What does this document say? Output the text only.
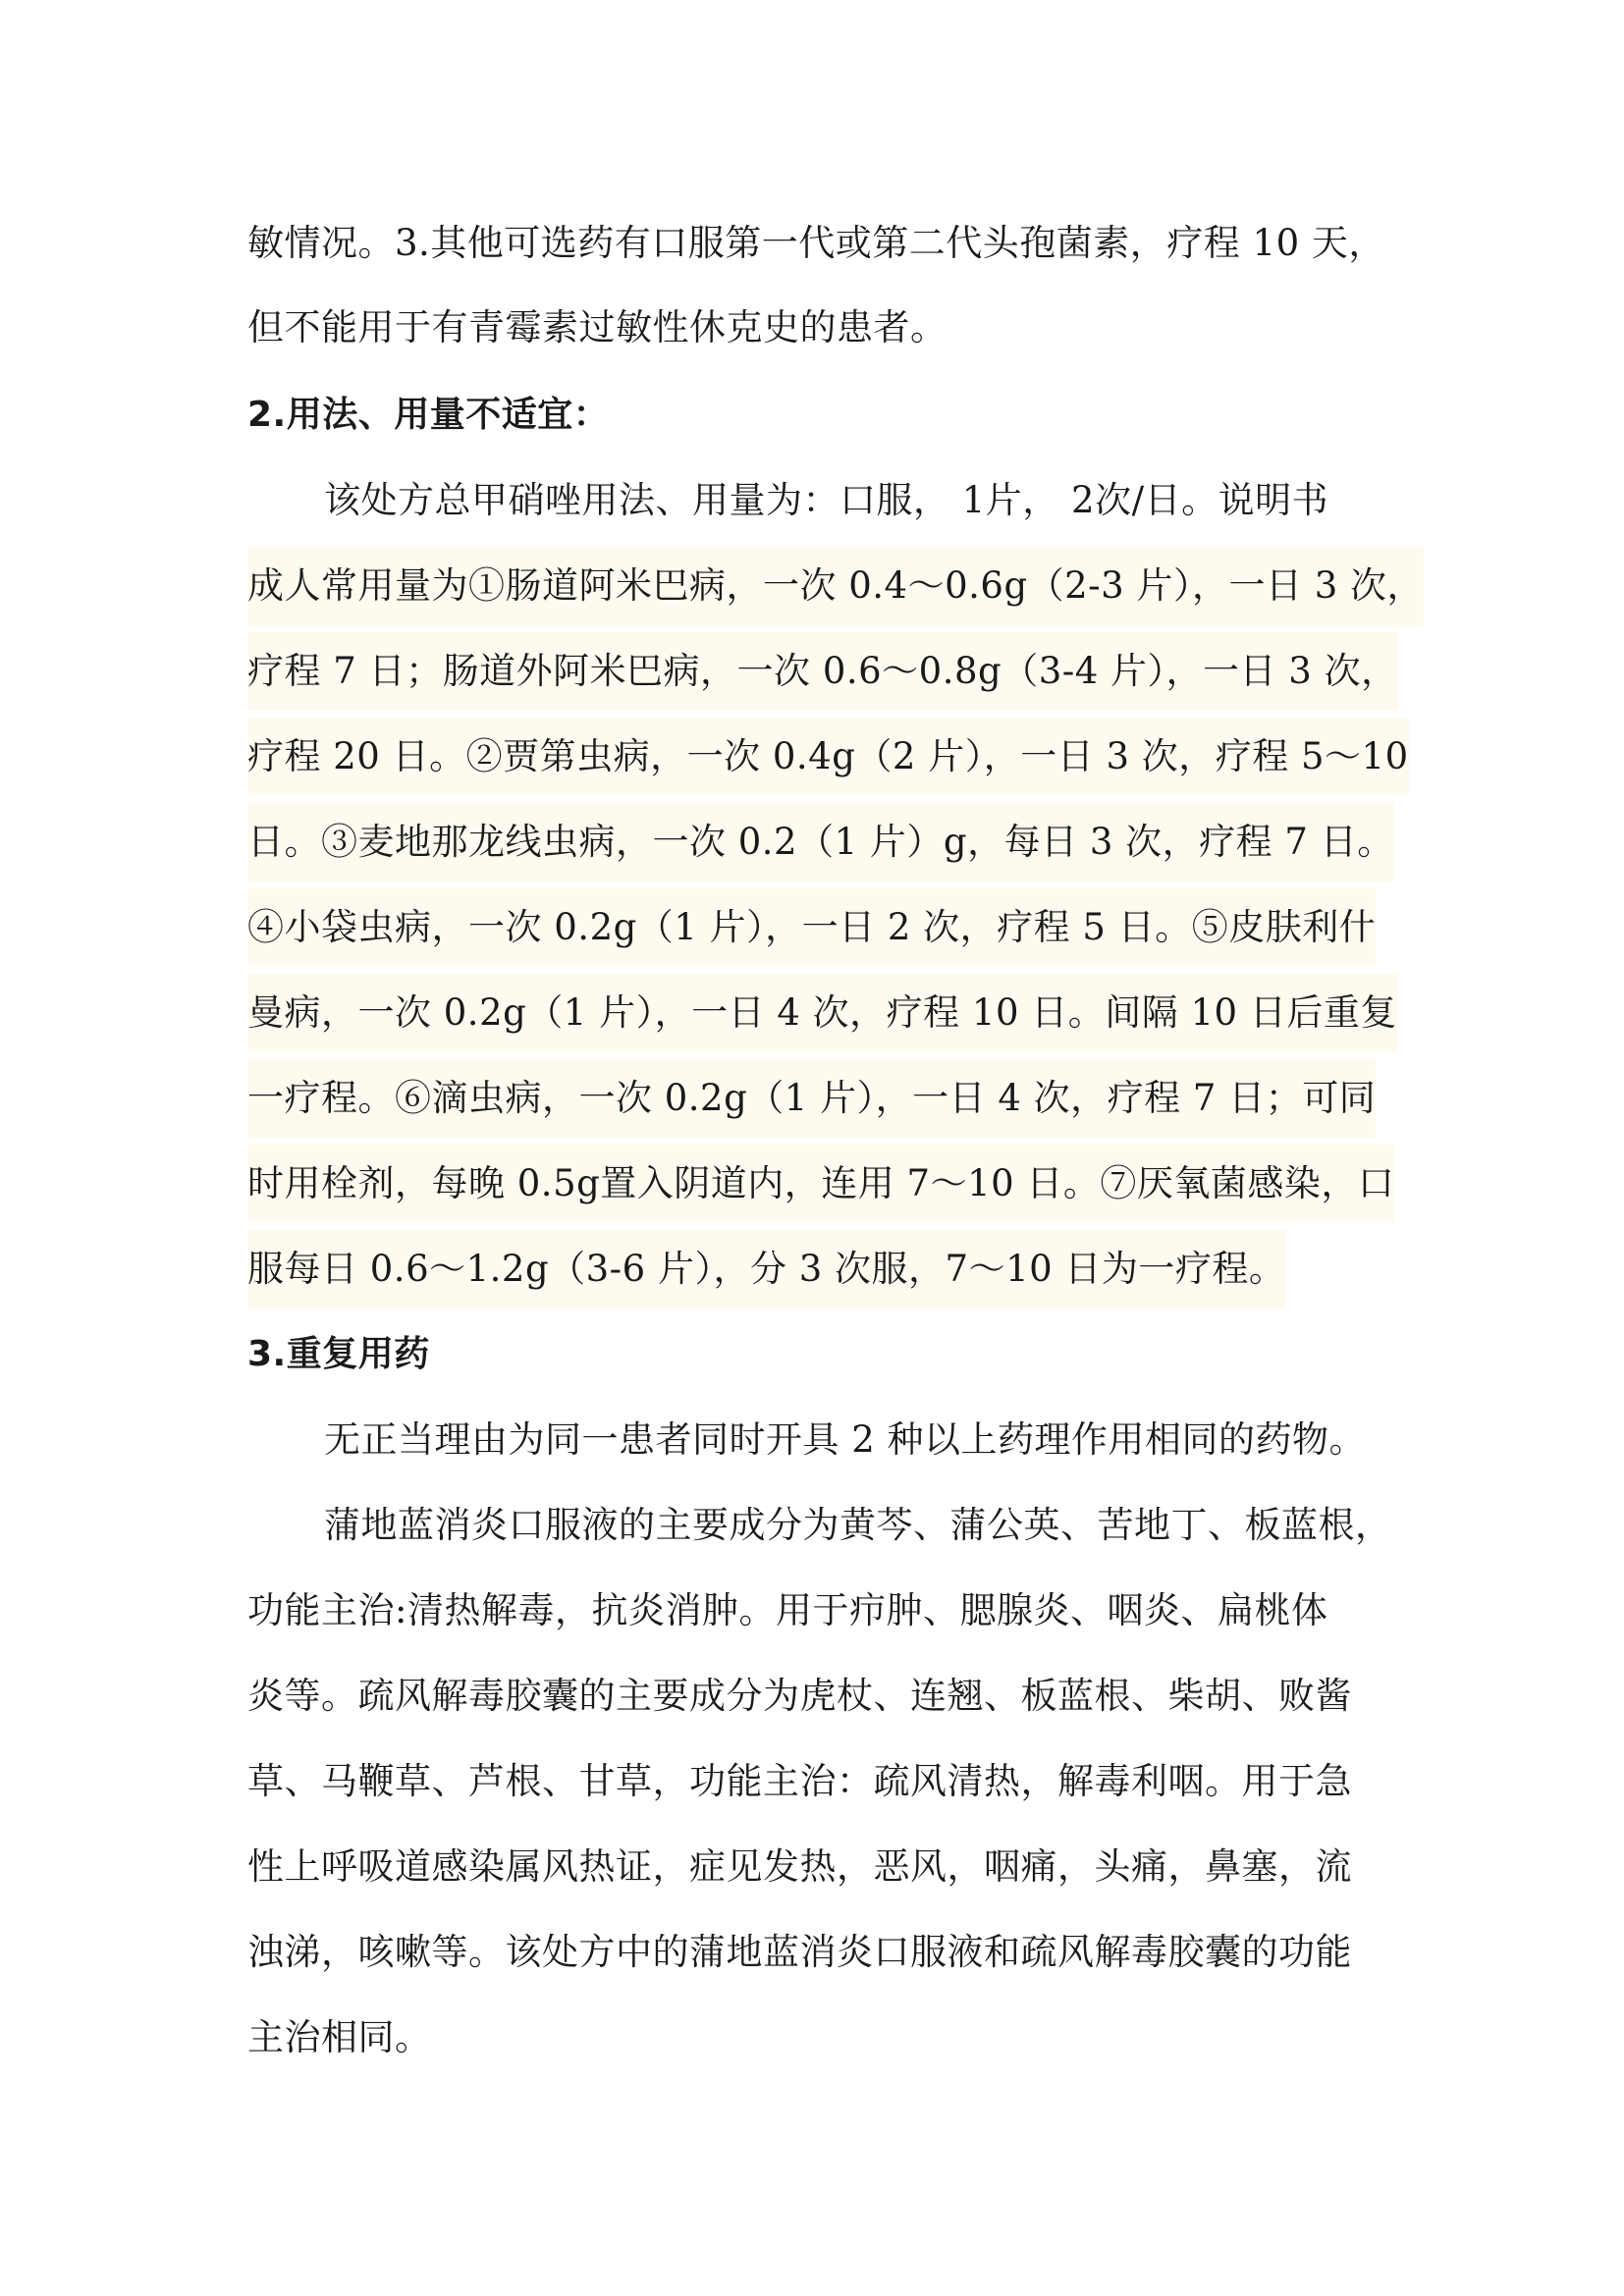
敏情况。3.其他可选药有口服第一代或第二代头孢菌素，疗程 10 天，
但不能用于有青霉素过敏性休克史的患者。
2.用法、用量不适宜：
该处方总甲硝唑用法、用量为：口服， 1片， 2次/日。说明书
成人常用量为①肠道阿米巴病，一次 0.4～0.6g（2-3 片），一日 3 次，
疗程 7 日；肠道外阿米巴病，一次 0.6～0.8g（3-4 片），一日 3 次，
疗程 20 日。②贾第虫病，一次 0.4g（2 片），一日 3 次，疗程 5～10
日。③麦地那龙线虫病，一次 0.2（1 片）g，每日 3 次，疗程 7 日。
④小袋虫病，一次 0.2g（1 片），一日 2 次，疗程 5 日。⑤皮肤利什
曼病，一次 0.2g（1 片），一日 4 次，疗程 10 日。间隔 10 日后重复
一疗程。⑥滴虫病，一次 0.2g（1 片），一日 4 次，疗程 7 日；可同
时用栓剂，每晚 0.5g置入阴道内，连用 7～10 日。⑦厌氧菌感染，口
服每日 0.6～1.2g（3-6 片），分 3 次服，7～10 日为一疗程。
3.重复用药
无正当理由为同一患者同时开具 2 种以上药理作用相同的药物。
蒲地蓝消炎口服液的主要成分为黄芩、蒲公英、苦地丁、板蓝根，
功能主治:清热解毒，抗炎消肿。用于疖肿、腮腺炎、咽炎、扁桃体
炎等。疏风解毒胶囊的主要成分为虎杖、连翘、板蓝根、柴胡、败酱
草、马鞭草、芦根、甘草，功能主治：疏风清热，解毒利咽。用于急
性上呼吸道感染属风热证，症见发热，恶风，咽痛，头痛，鼻塞，流
浊涕，咳嗽等。该处方中的蒲地蓝消炎口服液和疏风解毒胶囊的功能
主治相同。
